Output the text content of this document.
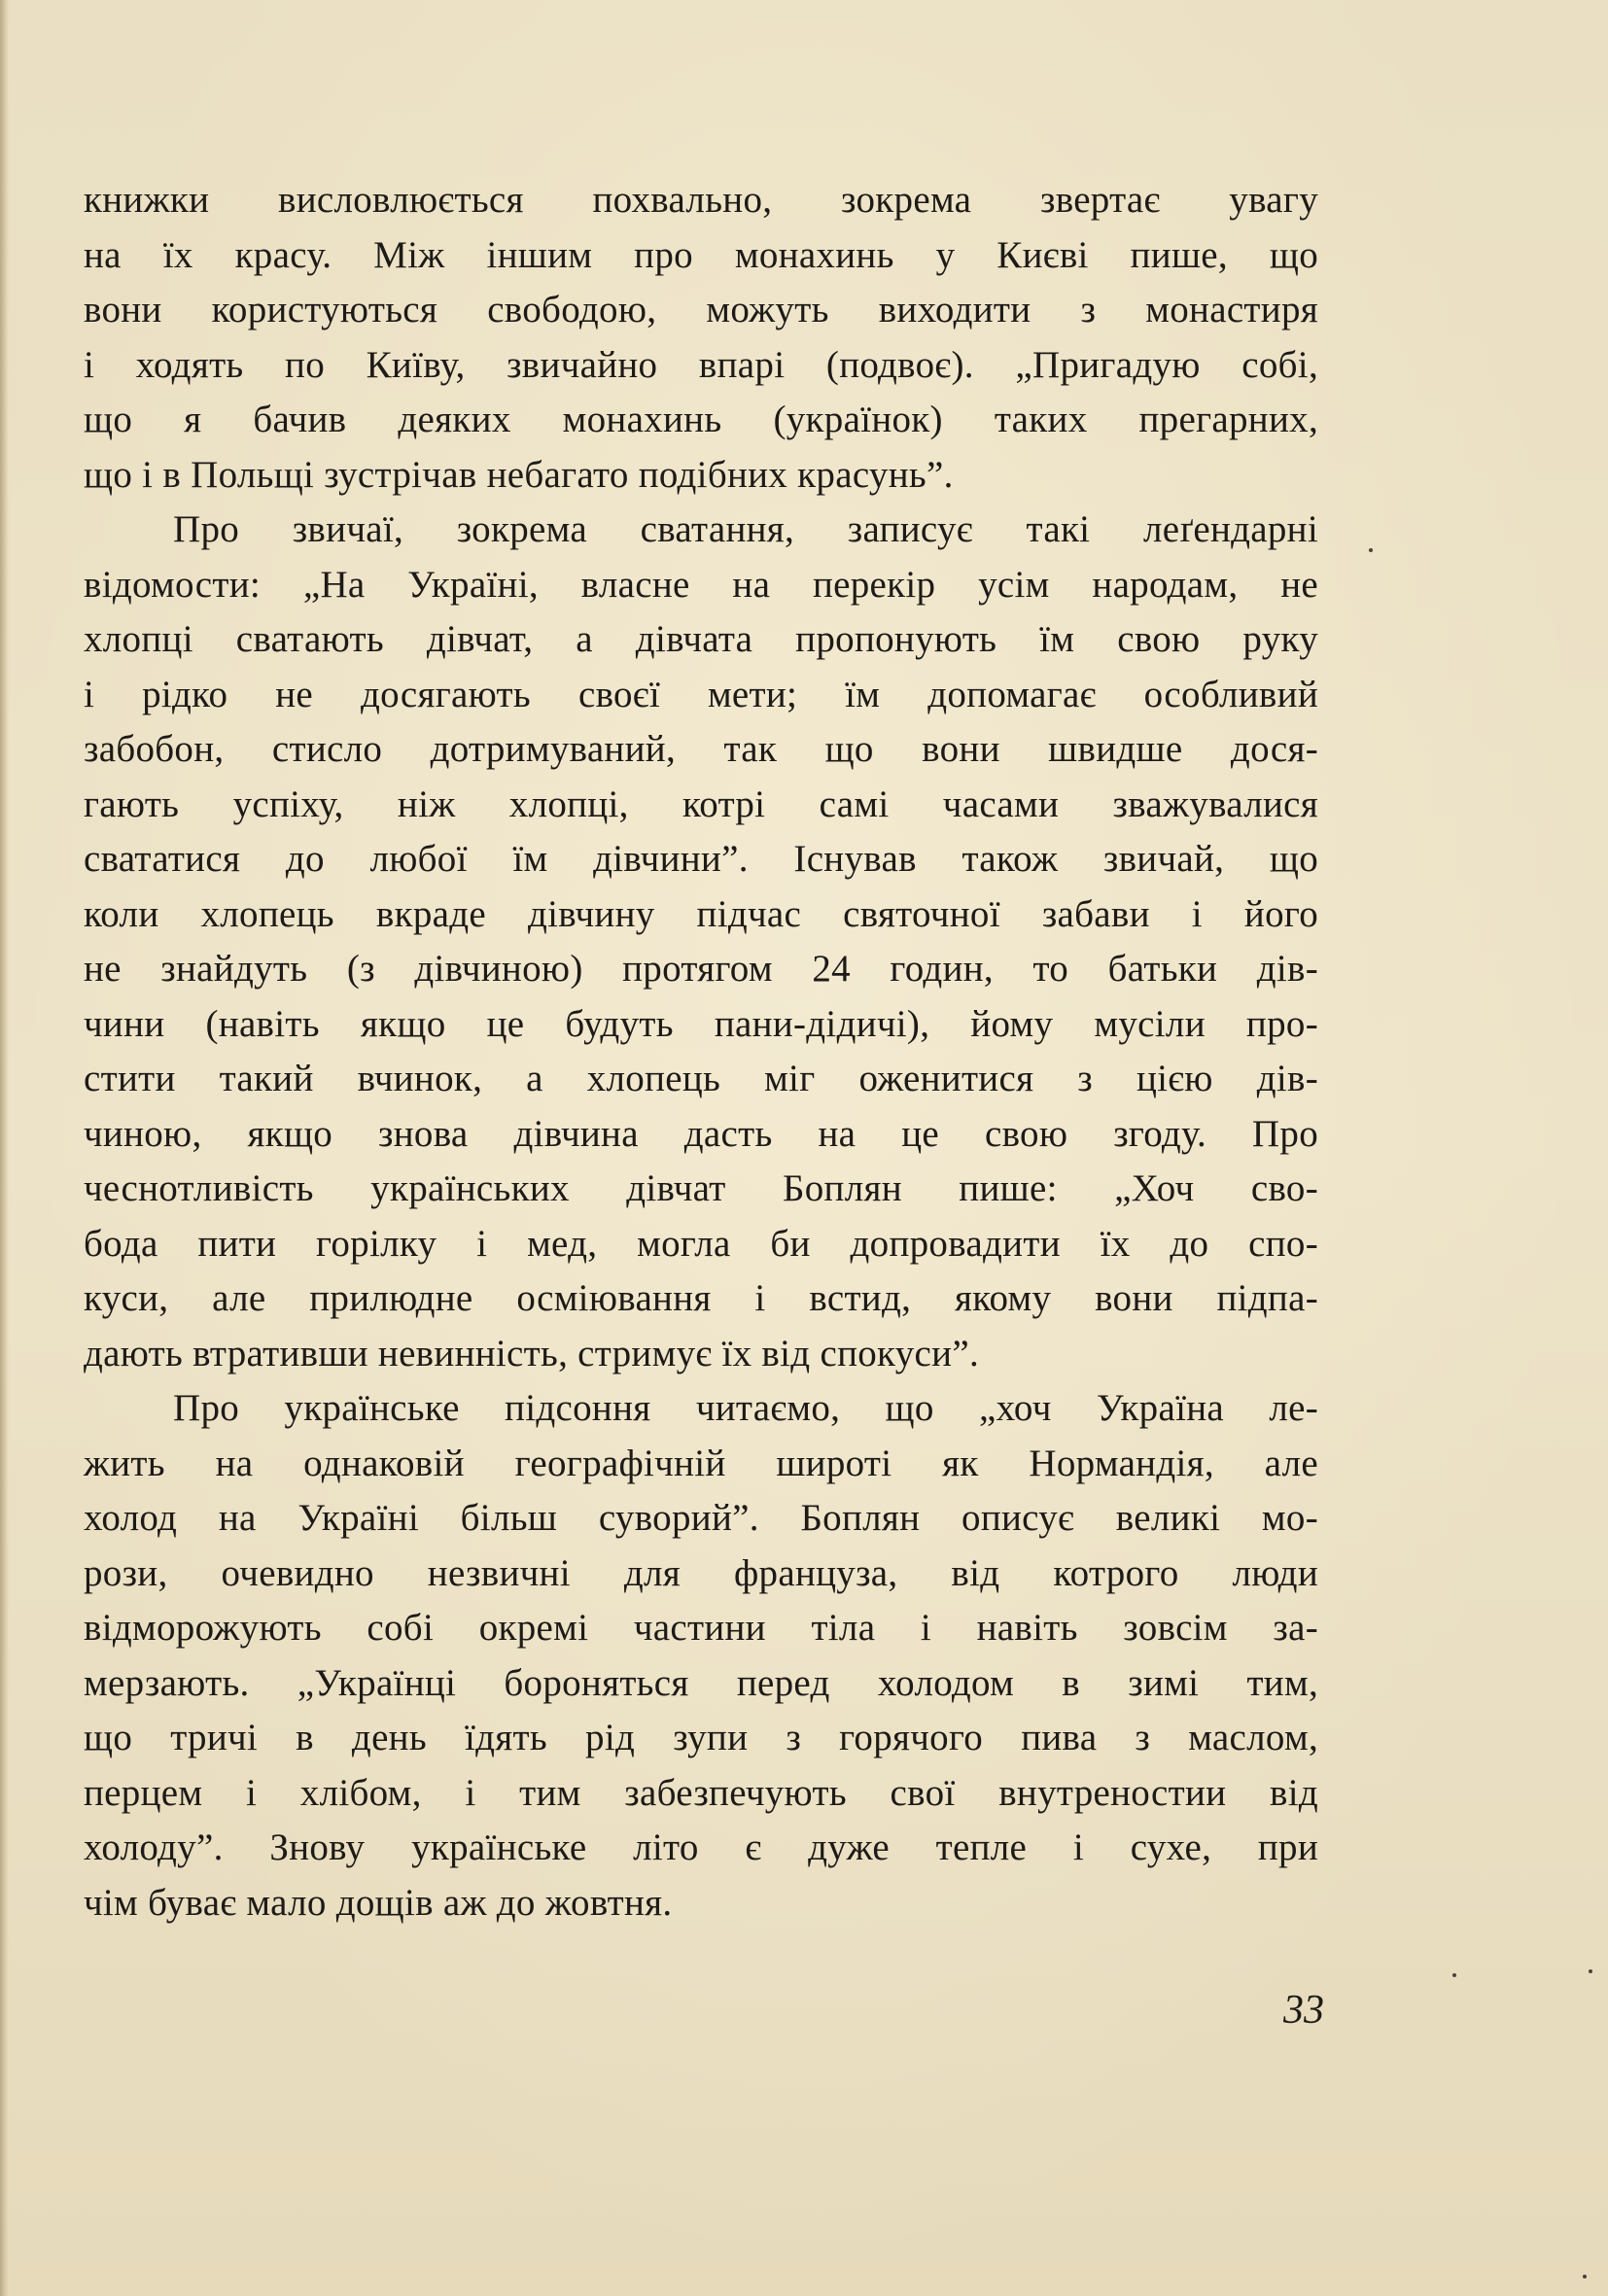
книжки висловлюється похвально, зокрема звертає увагу
на їх красу. Між іншим про монахинь у Києві пише, що
вони користуються свободою, можуть виходити з монастиря
і ходять по Київу, звичайно впарі (подвоє). „Пригадую собі,
що я бачив деяких монахинь (українок) таких прегарних,
що і в Польщі зустрічав небагато подібних красунь”.
Про звичаї, зокрема сватання, записує такі леґендарні
відомости: „На Україні, власне на перекір усім народам, не
хлопці сватають дівчат, а дівчата пропонують їм свою руку
і рідко не досягають своєї мети; їм допомагає особливий
забобон, стисло дотримуваний, так що вони швидше дося-
гають успіху, ніж хлопці, котрі самі часами зважувалися
свататися до любої їм дівчини”. Існував також звичай, що
коли хлопець вкраде дівчину підчас святочної забави і його
не знайдуть (з дівчиною) протягом 24 годин, то батьки дів-
чини (навіть якщо це будуть пани-дідичі), йому мусіли про-
стити такий вчинок, а хлопець міг оженитися з цією дів-
чиною, якщо знова дівчина дасть на це свою згоду. Про
чеснотливість українських дівчат Боплян пише: „Хоч сво-
бода пити горілку і мед, могла би допровадити їх до спо-
куси, але прилюдне осміювання і встид, якому вони підпа-
дають втративши невинність, стримує їх від спокуси”.
Про українське підсоння читаємо, що „хоч Україна ле-
жить на однаковій географічній широті як Нормандія, але
холод на Україні більш суворий”. Боплян описує великі мо-
рози, очевидно незвичні для француза, від котрого люди
відморожують собі окремі частини тіла і навіть зовсім за-
мерзають. „Українці бороняться перед холодом в зимі тим,
що тричі в день їдять рід зупи з горячого пива з маслом,
перцем і хлібом, і тим забезпечують свої внутреностии від
холоду”. Знову українське літо є дуже тепле і сухе, при
чім буває мало дощів аж до жовтня.
33
